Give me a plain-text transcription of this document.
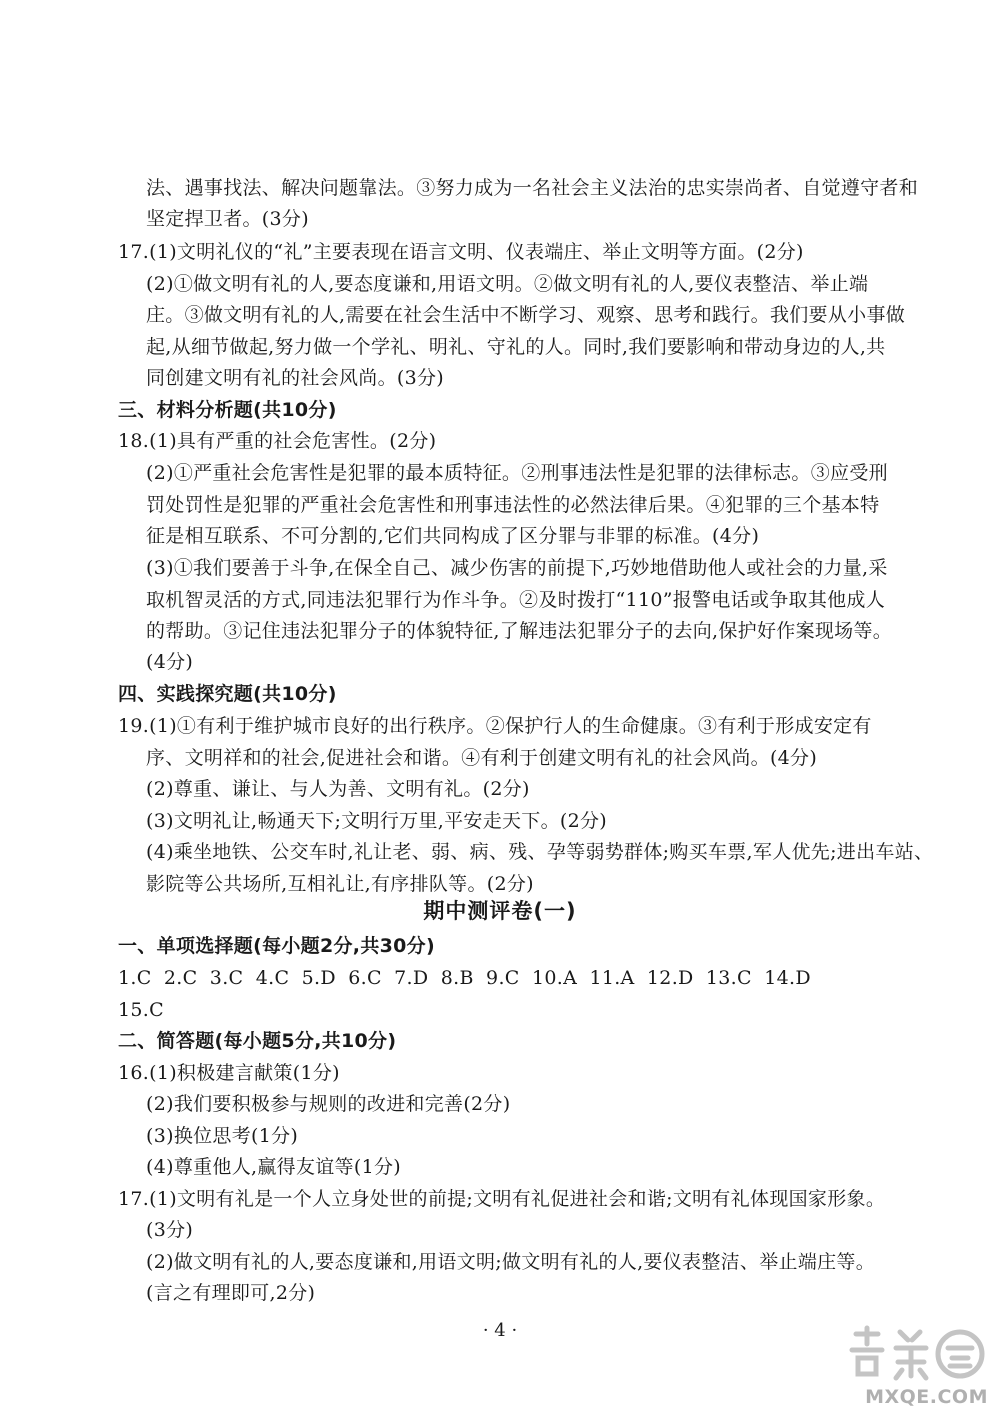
法、遇事找法、解决问题靠法。③努力成为一名社会主义法治的忠实崇尚者、自觉遵守者和
坚定捍卫者。(3分)
17.(1)文明礼仪的“礼”主要表现在语言文明、仪表端庄、举止文明等方面。(2分)
(2)①做文明有礼的人,要态度谦和,用语文明。②做文明有礼的人,要仪表整洁、举止端
庄。③做文明有礼的人,需要在社会生活中不断学习、观察、思考和践行。我们要从小事做
起,从细节做起,努力做一个学礼、明礼、守礼的人。同时,我们要影响和带动身边的人,共
同创建文明有礼的社会风尚。(3分)
三、材料分析题(共10分)
18.(1)具有严重的社会危害性。(2分)
(2)①严重社会危害性是犯罪的最本质特征。②刑事违法性是犯罪的法律标志。③应受刑
罚处罚性是犯罪的严重社会危害性和刑事违法性的必然法律后果。④犯罪的三个基本特
征是相互联系、不可分割的,它们共同构成了区分罪与非罪的标准。(4分)
(3)①我们要善于斗争,在保全自己、减少伤害的前提下,巧妙地借助他人或社会的力量,采
取机智灵活的方式,同违法犯罪行为作斗争。②及时拨打“110”报警电话或争取其他成人
的帮助。③记住违法犯罪分子的体貌特征,了解违法犯罪分子的去向,保护好作案现场等。
(4分)
四、实践探究题(共10分)
19.(1)①有利于维护城市良好的出行秩序。②保护行人的生命健康。③有利于形成安定有
序、文明祥和的社会,促进社会和谐。④有利于创建文明有礼的社会风尚。(4分)
(2)尊重、谦让、与人为善、文明有礼。(2分)
(3)文明礼让,畅通天下;文明行万里,平安走天下。(2分)
(4)乘坐地铁、公交车时,礼让老、弱、病、残、孕等弱势群体;购买车票,军人优先;进出车站、
影院等公共场所,互相礼让,有序排队等。(2分)
期中测评卷(一)
一、单项选择题(每小题2分,共30分)
1.C 2.C 3.C 4.C 5.D 6.C 7.D 8.B 9.C 10.A 11.A 12.D 13.C 14.D
15.C
二、简答题(每小题5分,共10分)
16.(1)积极建言献策(1分)
(2)我们要积极参与规则的改进和完善(2分)
(3)换位思考(1分)
(4)尊重他人,赢得友谊等(1分)
17.(1)文明有礼是一个人立身处世的前提;文明有礼促进社会和谐;文明有礼体现国家形象。
(3分)
(2)做文明有礼的人,要态度谦和,用语文明;做文明有礼的人,要仪表整洁、举止端庄等。
(言之有理即可,2分)
· 4 ·
MXQE.COM
